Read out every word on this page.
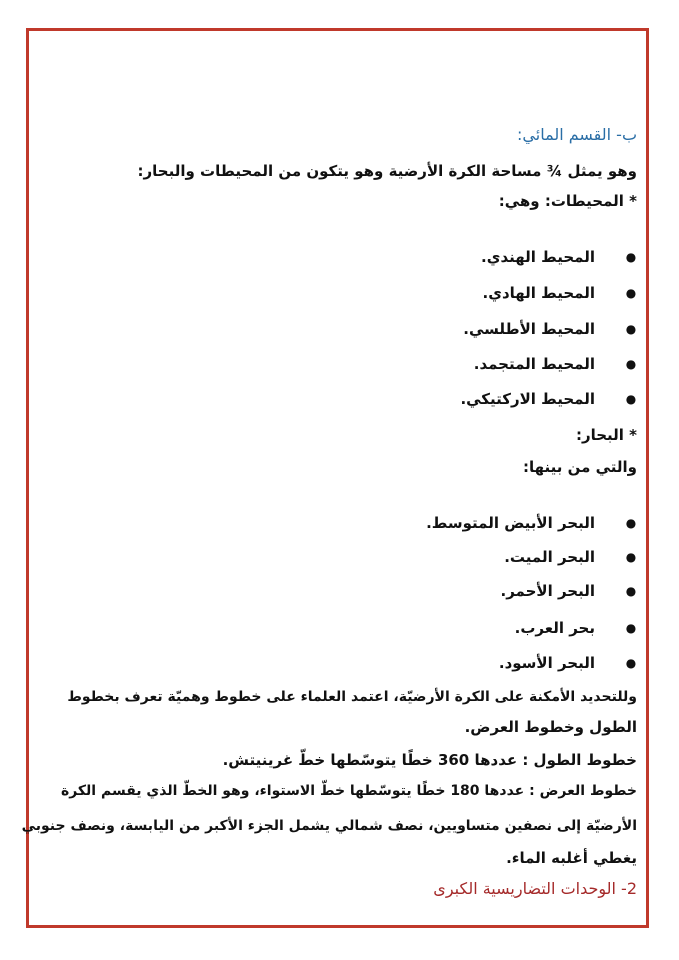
ب- القسم المائي:
وهو يمثل ¾ مساحة الكرة الأرضية وهو يتكون من المحيطات والبحار:
* المحيطات: وهي:
●
المحيط الهندي.
●
المحيط الهادي.
●
المحيط الأطلسي.
●
المحيط المتجمد.
●
المحيط الاركتيكي.
* البحار:
والتي من بينها:
●
البحر الأبيض المتوسط.
●
البحر الميت.
●
البحر الأحمر.
●
بحر العرب.
●
البحر الأسود.
وللتحديد الأمكنة على الكرة الأرضيّة، اعتمد العلماء على خطوط وهميّة تعرف بخطوط
الطول وخطوط العرض.
خطوط الطول : عددها 360 خطًا يتوسّطها خطّ غرينيتش.
خطوط العرض : عددها 180 خطًا يتوسّطها خطّ الاستواء، وهو الخطّ الذي يقسم الكرة
الأرضيّة إلى نصفين متساويين، نصف شمالي يشمل الجزء الأكبر من اليابسة، ونصف جنوبي
يغطي أغلبه الماء.
2- الوحدات التضاريسية الكبرى
